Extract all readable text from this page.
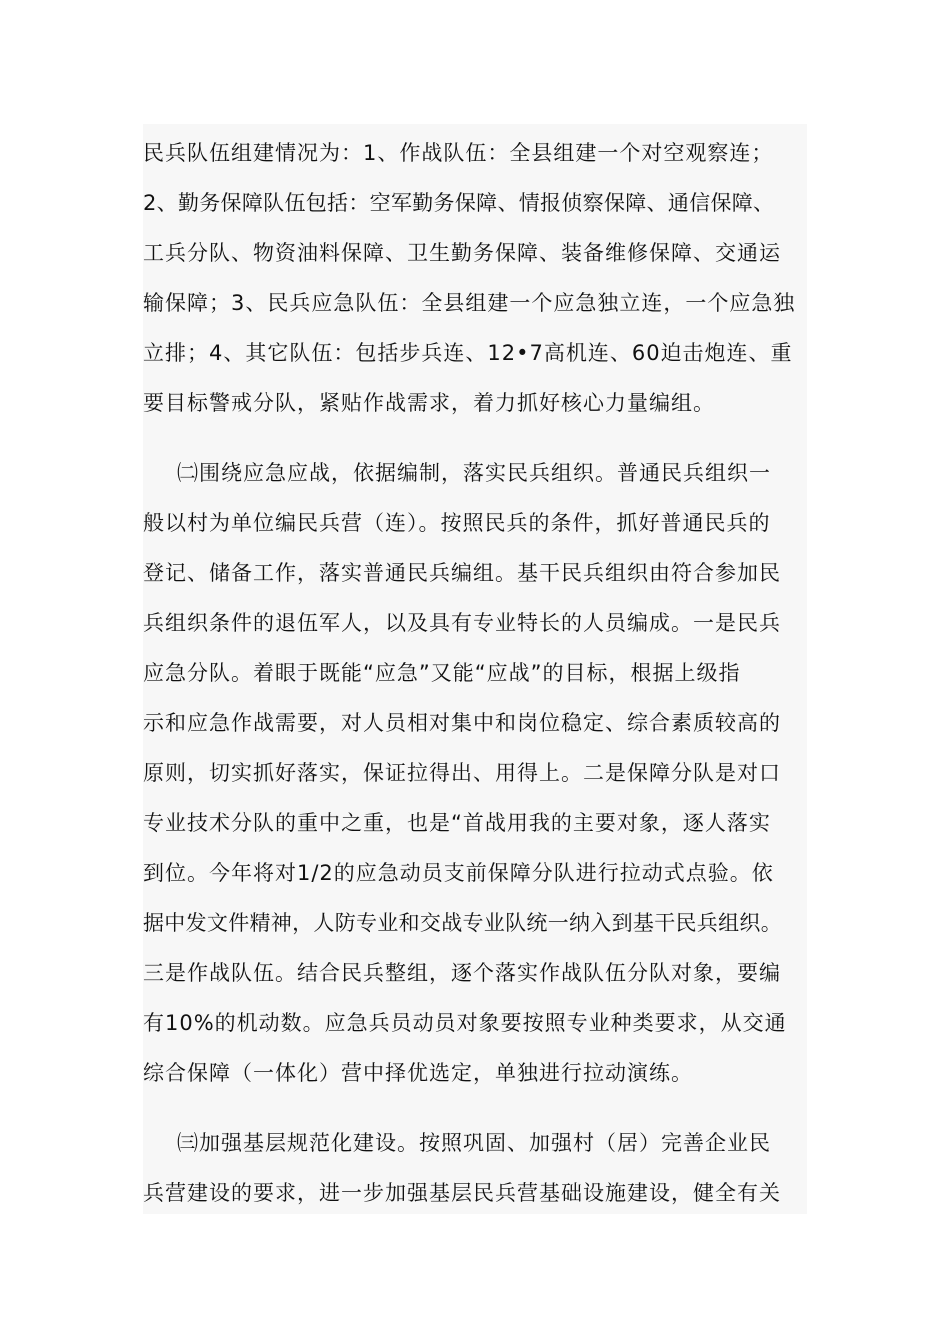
民兵队伍组建情况为：1、作战队伍：全县组建一个对空观察连；
2、勤务保障队伍包括：空军勤务保障、情报侦察保障、通信保障、
工兵分队、物资油料保障、卫生勤务保障、装备维修保障、交通运
输保障；3、民兵应急队伍：全县组建一个应急独立连，一个应急独
立排；4、其它队伍：包括步兵连、12•7高机连、60迫击炮连、重
要目标警戒分队，紧贴作战需求，着力抓好核心力量编组。
㈡围绕应急应战，依据编制，落实民兵组织。普通民兵组织一
般以村为单位编民兵营（连）。按照民兵的条件，抓好普通民兵的
登记、储备工作，落实普通民兵编组。基干民兵组织由符合参加民
兵组织条件的退伍军人，以及具有专业特长的人员编成。一是民兵
应急分队。着眼于既能“应急”又能“应战”的目标，根据上级指
示和应急作战需要，对人员相对集中和岗位稳定、综合素质较高的
原则，切实抓好落实，保证拉得出、用得上。二是保障分队是对口
专业技术分队的重中之重，也是“首战用我的主要对象，逐人落实
到位。今年将对1/2的应急动员支前保障分队进行拉动式点验。依
据中发文件精神，人防专业和交战专业队统一纳入到基干民兵组织。
三是作战队伍。结合民兵整组，逐个落实作战队伍分队对象，要编
有10%的机动数。应急兵员动员对象要按照专业种类要求，从交通
综合保障（一体化）营中择优选定，单独进行拉动演练。
㈢加强基层规范化建设。按照巩固、加强村（居）完善企业民
兵营建设的要求，进一步加强基层民兵营基础设施建设，健全有关
